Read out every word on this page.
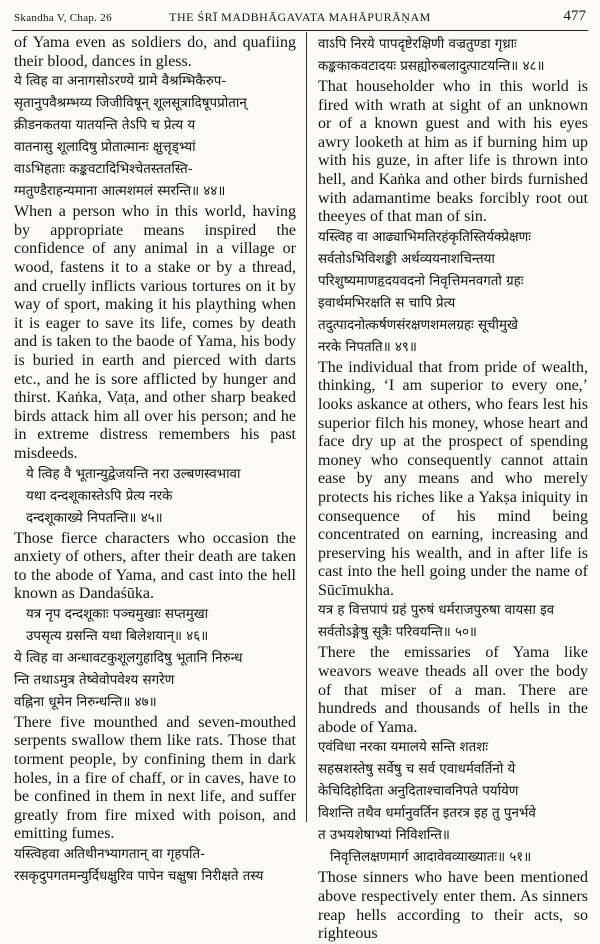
Skandha V, Chap. 26	THE ŚRĪ MADBHĀGAVATA MAHĀPURĀṆAM	477
of Yama even as soldiers do, and quafiing their blood, dances in gless.
ये त्विह वा अनागसोऽरण्ये ग्रामे वैश्रम्भिकैरुप-
सृतानुपवैश्रम्भय्य जिजीविषून् शूलसूत्रादिषूपप्रोतान्
क्रीडनकतया यातयन्ति तेऽपि च प्रेत्य य
वातनासु शूलादिषु प्रोतात्मानः क्षुत्तृड्भ्यां
वाऽभिहताः कङ्कवटादिभिश्चेतस्ततस्ति-
ग्मतुण्डैराहन्यमाना आत्मशमलं स्मरन्ति॥ ४४॥
When a person who in this world, having by appropriate means inspired the confidence of any animal in a village or wood, fastens it to a stake or by a thread, and cruelly inflicts various tortures on it by way of sport, making it his plaything when it is eager to save its life, comes by death and is taken to the baode of Yama, his body is buried in earth and pierced with darts etc., and he is sore afflicted by hunger and thirst. Kaṅka, Vaṭa, and other sharp beaked birds attack him all over his person; and he in extreme distress remembers his past misdeeds.
ये त्विह वै भूतान्युद्वेजयन्ति नरा उल्बणस्वभावा
यथा दन्दशूकास्तेऽपि प्रेत्य नरके
दन्दशूकाख्ये निपतन्ति॥ ४५॥
Those fierce characters who occasion the anxiety of others, after their death are taken to the abode of Yama, and cast into the hell known as Dandaśūka.
यत्र नृप दन्दशूकाः पञ्चमुखाः सप्तमुखा
उपसृत्य ग्रसन्ति यथा बिलेशयान्॥ ४६॥
ये त्विह वा अन्धावटकुशूलगुहादिषु भूतानि निरुन्ध
न्ति तथाऽमुत्र तेष्वेवोपवेश्य सगरेण
वह्निना धूमेन निरुन्धन्ति॥ ४७॥
There five mounthed and seven-mouthed serpents swallow them like rats. Those that torment people, by confining them in dark holes, in a fire of chaff, or in caves, have to be confined in them in next life, and suffer greatly from fire mixed with poison, and emitting fumes.
यस्त्विहवा अतिथीनभ्यागतान् वा गृहपति-
रसकृदुपगतमन्युर्दिधक्षुरिव पापेन चक्षुषा निरीक्षते तस्य
वाऽपि निरये पापदृष्टेरक्षिणी वज्रतुण्डा गृध्राः
कङ्ककाकवटादयः प्रसह्योरुबलादुत्पाटयन्ति॥ ४८॥
That householder who in this world is fired with wrath at sight of an unknown or of a known guest and with his eyes awry looketh at him as if burning him up with his guze, in after life is thrown into hell, and Kaṅka and other birds furnished with adamantime beaks forcibly root out theeyes of that man of sin.
यस्त्विह वा आढ्याभिमतिरहंकृतिस्तिर्यक्प्रेक्षणः
सर्वतोऽभिविशङ्की अर्थव्ययनाशचिन्तया
परिशुष्यमाणहृदयवदनो निवृत्तिमनवगतो ग्रहः
इवार्थमभिरक्षति स चापि प्रेत्य
तदुत्पादनोत्कर्षणसंरक्षणशमलग्रहः सूचीमुखे
नरके निपतति॥ ४९॥
The individual that from pride of wealth, thinking, ‘I am superior to every one,’ looks askance at others, who fears lest his superior filch his money, whose heart and face dry up at the prospect of spending money who consequently cannot attain ease by any means and who merely protects his riches like a Yakṣa iniquity in consequence of his mind being concentrated on earning, increasing and preserving his wealth, and in after life is cast into the hell going under the name of Sūcīmukha.
यत्र ह वित्तपापं ग्रहं पुरुषं धर्मराजपुरुषा वायसा इव
सर्वतोऽङ्गेषु सूत्रैः परिवयन्ति॥ ५०॥
There the emissaries of Yama like weavors weave theads all over the body of that miser of a man. There are hundreds and thousands of hells in the abode of Yama.
एवंविधा नरका यमालये सन्ति शतशः
सहस्रशस्तेषु सर्वेषु च सर्व एवाधर्मवर्तिनो ये
केचिदिहोदिता अनुदिताश्चावनिपते पर्यायेण
विशन्ति तथैव धर्मानुवर्तिन इतरत्र इह तु पुनर्भवे
त उभयशेषाभ्यां निविशन्ति॥
निवृत्तिलक्षणमार्ग आदावेवव्याख्यातः॥ ५१॥
Those sinners who have been mentioned above respectively enter them. As sinners reap hells according to their acts, so righteous
